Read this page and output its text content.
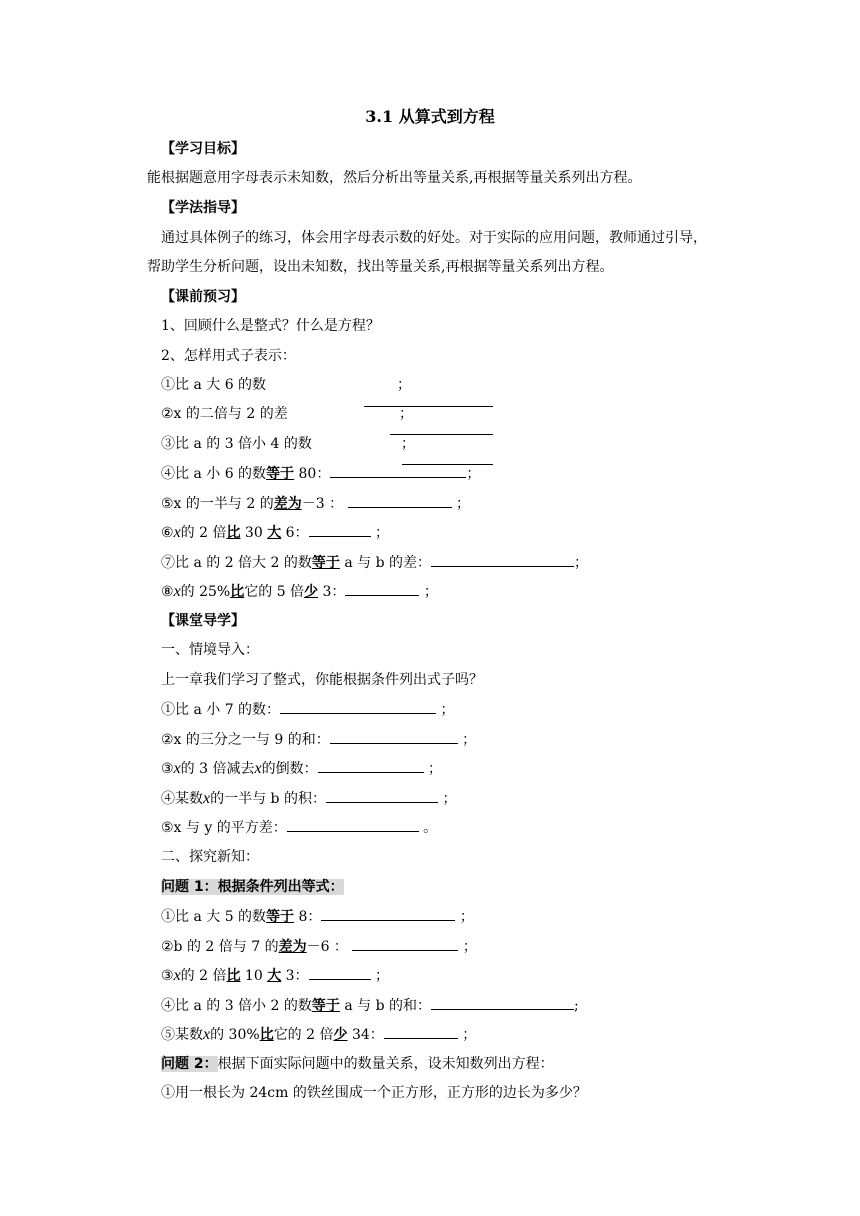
3.1 从算式到方程
【学习目标】
能根据题意用字母表示未知数，然后分析出等量关系,再根据等量关系列出方程。
【学法指导】
通过具体例子的练习，体会用字母表示数的好处。对于实际的应用问题，教师通过引导，
帮助学生分析问题，设出未知数，找出等量关系,再根据等量关系列出方程。
【课前预习】
1、回顾什么是整式？什么是方程？
2、怎样用式子表示：
①比 a 大 6 的数	；
②x 的二倍与 2 的差	；
③比 a 的 3 倍小 4 的数	；
④比 a 小 6 的数等于 80：	；
⑤x 的一半与 2 的差为－3 ：	；
⑥x的 2 倍比 30 大 6：	；
⑦比 a 的 2 倍大 2 的数等于 a 与 b 的差：	；
⑧x的 25%比它的 5 倍少 3：	；
【课堂导学】
一、情境导入：
上一章我们学习了整式，你能根据条件列出式子吗？
①比 a 小 7 的数：	；
②x 的三分之一与 9 的和：	；
③x的 3 倍减去x的倒数：	；
④某数x的一半与 b 的积：	；
⑤x 与 y 的平方差：	。
二、探究新知：
问题 1：根据条件列出等式：
①比 a 大 5 的数等于 8：	；
②b 的 2 倍与 7 的差为－6 ：	；
③x的 2 倍比 10 大 3：	；
④比 a 的 3 倍小 2 的数等于 a 与 b 的和：	;
⑤某数x的 30%比它的 2 倍少 34：	；
问题 2：根据下面实际问题中的数量关系，设未知数列出方程：
①用一根长为 24cm 的铁丝围成一个正方形，正方形的边长为多少？
